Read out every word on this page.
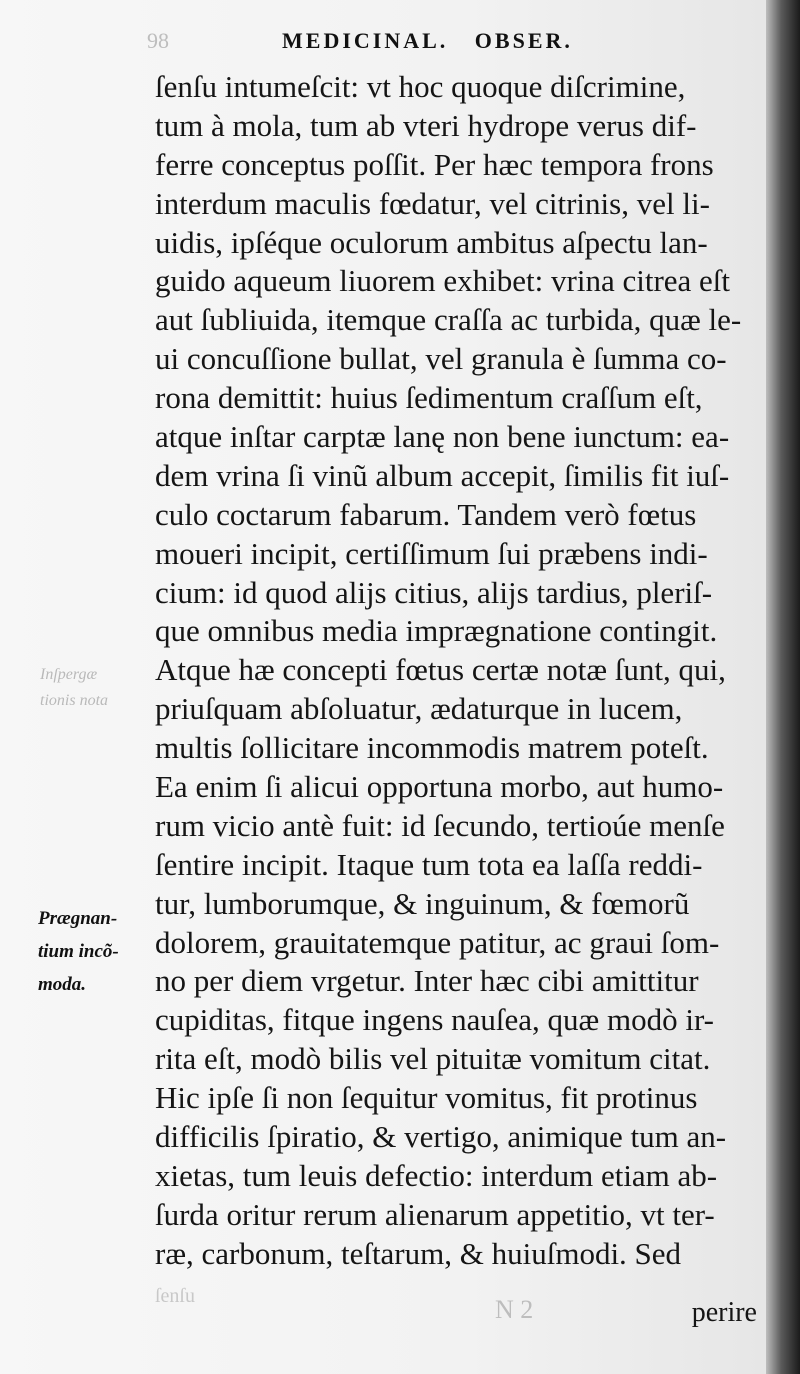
98	MEDICINAL. OBSER.
Inſpergæ
tionis nota
ſenſu intumeſcit: vt hoc quoque diſcrimine,
tum à mola, tum ab vteri hydrope verus dif-
ferre conceptus poſſit. Per hæc tempora frons
interdum maculis fœdatur, vel citrinis, vel li-
uidis, ipſéque oculorum ambitus aſpectu lan-
guido aqueum liuorem exhibet: vrina citrea eſt
aut ſubliuida, itemque craſſa ac turbida, quæ le-
ui concuſſione bullat, vel granula è ſumma co-
rona demittit: huius ſedimentum craſſum eſt,
atque inſtar carptæ lanę non bene iunctum: ea-
dem vrina ſi vinũ album accepit, ſimilis fit iuſ-
culo coctarum fabarum. Tandem verò fœtus
moueri incipit, certiſſimum ſui præbens indi-
cium: id quod alijs citius, alijs tardius, pleriſ-
que omnibus media imprægnatione contingit.
Atque hæ concepti fœtus certæ notæ ſunt, qui,
priuſquam abſoluatur, ædaturque in lucem,
multis ſollicitare incommodis matrem poteſt.
Ea enim ſi alicui opportuna morbo, aut humo-
rum vicio antè fuit: id ſecundo, tertioúe menſe
ſentire incipit. Itaque tum tota ea laſſa reddi-
tur, lumborumque, & inguinum, & fœmorũ
dolorem, grauitatemque patitur, ac graui ſom-
no per diem vrgetur. Inter hæc cibi amittitur
cupiditas, fitque ingens nauſea, quæ modò ir-
rita eſt, modò bilis vel pituitæ vomitum citat.
Hic ipſe ſi non ſequitur vomitus, fit protinus
difficilis ſpiratio, & vertigo, animique tum an-
xietas, tum leuis defectio: interdum etiam ab-
ſurda oritur rerum alienarum appetitio, vt ter-
ræ, carbonum, teſtarum, & huiuſmodi. Sed
Prægnan-
tium incõ-
moda.
ſenſu	N 2	perire
